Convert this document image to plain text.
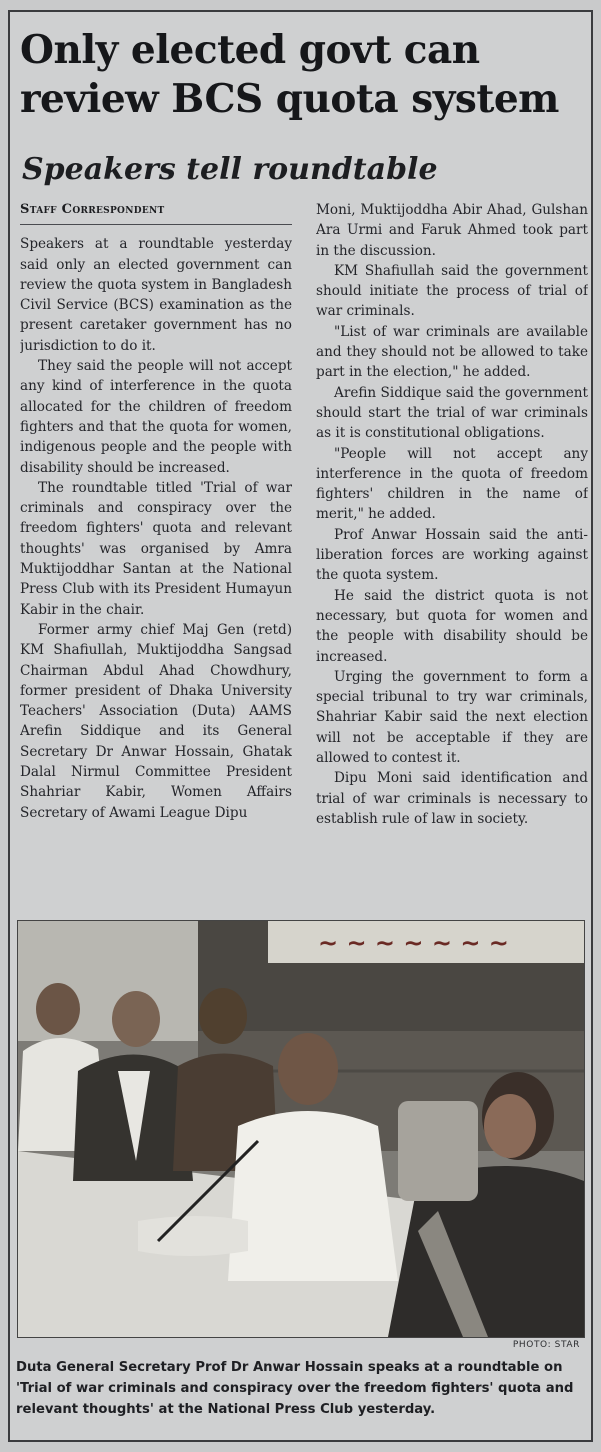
Only elected govt can
review BCS quota system
Speakers tell roundtable
Staff Correspondent

Speakers at a roundtable yesterday said only an elected government can review the quota system in Bangladesh Civil Service (BCS) examination as the present caretaker government has no jurisdiction to do it.

They said the people will not accept any kind of interference in the quota allocated for the children of freedom fighters and that the quota for women, indigenous people and the people with disability should be increased.

The roundtable titled 'Trial of war criminals and conspiracy over the freedom fighters' quota and relevant thoughts' was organised by Amra Muktijoddhar Santan at the National Press Club with its President Humayun Kabir in the chair.

Former army chief Maj Gen (retd) KM Shafiullah, Muktijoddha Sangsad Chairman Abdul Ahad Chowdhury, former president of Dhaka University Teachers' Association (Duta) AAMS Arefin Siddique and its General Secretary Dr Anwar Hossain, Ghatak Dalal Nirmul Committee President Shahriar Kabir, Women Affairs Secretary of Awami League Dipu

Moni, Muktijoddha Abir Ahad, Gulshan Ara Urmi and Faruk Ahmed took part in the discussion.

KM Shafiullah said the government should initiate the process of trial of war criminals.

"List of war criminals are available and they should not be allowed to take part in the election," he added.

Arefin Siddique said the government should start the trial of war criminals as it is constitutional obligations.

"People will not accept any interference in the quota of freedom fighters' children in the name of merit," he added.

Prof Anwar Hossain said the anti-liberation forces are working against the quota system.

He said the district quota is not necessary, but quota for women and the people with disability should be increased.

Urging the government to form a special tribunal to try war criminals, Shahriar Kabir said the next election will not be acceptable if they are allowed to contest it.

Dipu Moni said identification and trial of war criminals is necessary to establish rule of law in society.

~ ~ ~ ~ ~ ~ ~
PHOTO: STAR

Duta General Secretary Prof Dr Anwar Hossain speaks at a roundtable on 'Trial of war criminals and conspiracy over the freedom fighters' quota and relevant thoughts' at the National Press Club yesterday.
